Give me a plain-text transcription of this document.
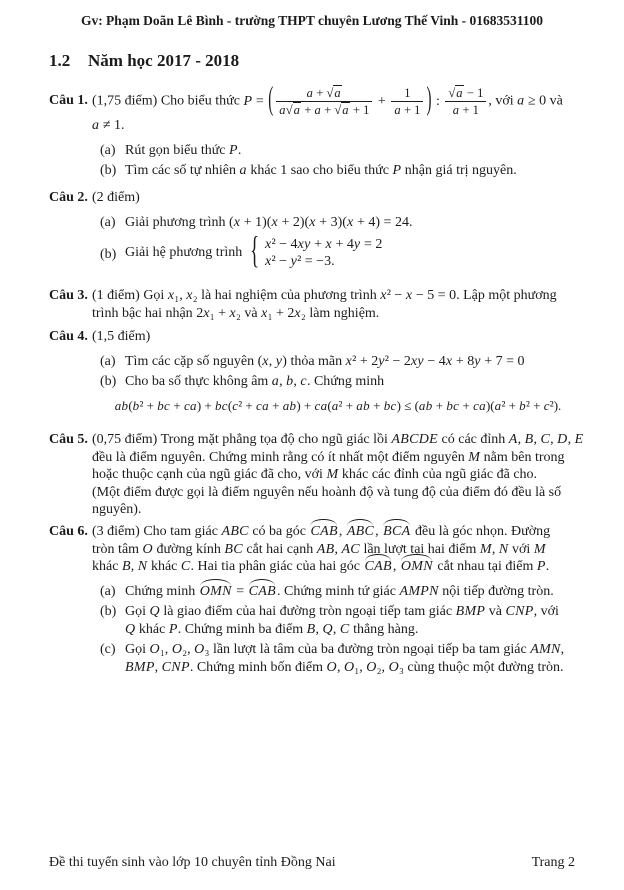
Gv: Phạm Doãn Lê Bình - trường THPT chuyên Lương Thế Vinh - 01683531100
1.2 Năm học 2017 - 2018
Câu 1. (1,75 điểm) Cho biểu thức P = ( $\frac{a + √a}{a√a + a + √a + 1} + \frac{1}{a + 1}$ ) : $\frac{√a - 1}{a + 1}$ , với a ≥ 0 và
a ≠ 1.
(a) Rút gọn biểu thức P.
(b) Tìm các số tự nhiên a khác 1 sao cho biểu thức P nhận giá trị nguyên.
Câu 2. (2 điểm)
(a) Giải phương trình (x + 1)(x + 2)(x + 3)(x + 4) = 24.
(b) Giải hệ phương trình { x² − 4xy + x + 4y = 2
x² − y² = −3.
Câu 3. (1 điểm) Gọi x₁, x₂ là hai nghiệm của phương trình x² − x − 5 = 0. Lập một phương
trình bậc hai nhận 2x₁ + x₂ và x₁ + 2x₂ làm nghiệm.
Câu 4. (1,5 điểm)
(a) Tìm các cặp số nguyên (x, y) thỏa mãn x² + 2y² − 2xy − 4x + 8y + 7 = 0
(b) Cho ba số thực không âm a, b, c. Chứng minh
ab(b² + bc + ca) + bc(c² + ca + ab) + ca(a² + ab + bc) ≤ (ab + bc + ca)(a² + b² + c²).
Câu 5. (0,75 điểm) Trong mặt phẳng tọa độ cho ngũ giác lồi ABCDE có các đỉnh A, B, C, D, E
đều là điểm nguyên. Chứng minh rằng có ít nhất một điểm nguyên M nằm bên trong
hoặc thuộc cạnh của ngũ giác đã cho, với M khác các đỉnh của ngũ giác đã cho.
(Một điểm được gọi là điểm nguyên nếu hoành độ và tung độ của điểm đó đều là số
nguyên).
Câu 6. (3 điểm) Cho tam giác ABC có ba góc CAB, ABC, BCA đều là góc nhọn. Đường
tròn tâm O đường kính BC cắt hai cạnh AB, AC lần lượt tại hai điểm M, N với M
khác B, N khác C. Hai tia phân giác của hai góc CAB, OMN cắt nhau tại điểm P.
(a) Chứng minh OMN = CAB. Chứng minh tứ giác AMPN nội tiếp đường tròn.
(b) Gọi Q là giao điểm của hai đường tròn ngoại tiếp tam giác BMP và CNP, với
Q khác P. Chứng minh ba điểm B, Q, C thẳng hàng.
(c) Gọi O₁, O₂, O₃ lần lượt là tâm của ba đường tròn ngoại tiếp ba tam giác AMN,
BMP, CNP. Chứng minh bốn điểm O, O₁, O₂, O₃ cùng thuộc một đường tròn.
Đề thi tuyển sinh vào lớp 10 chuyên tỉnh Đồng Nai	Trang 2
